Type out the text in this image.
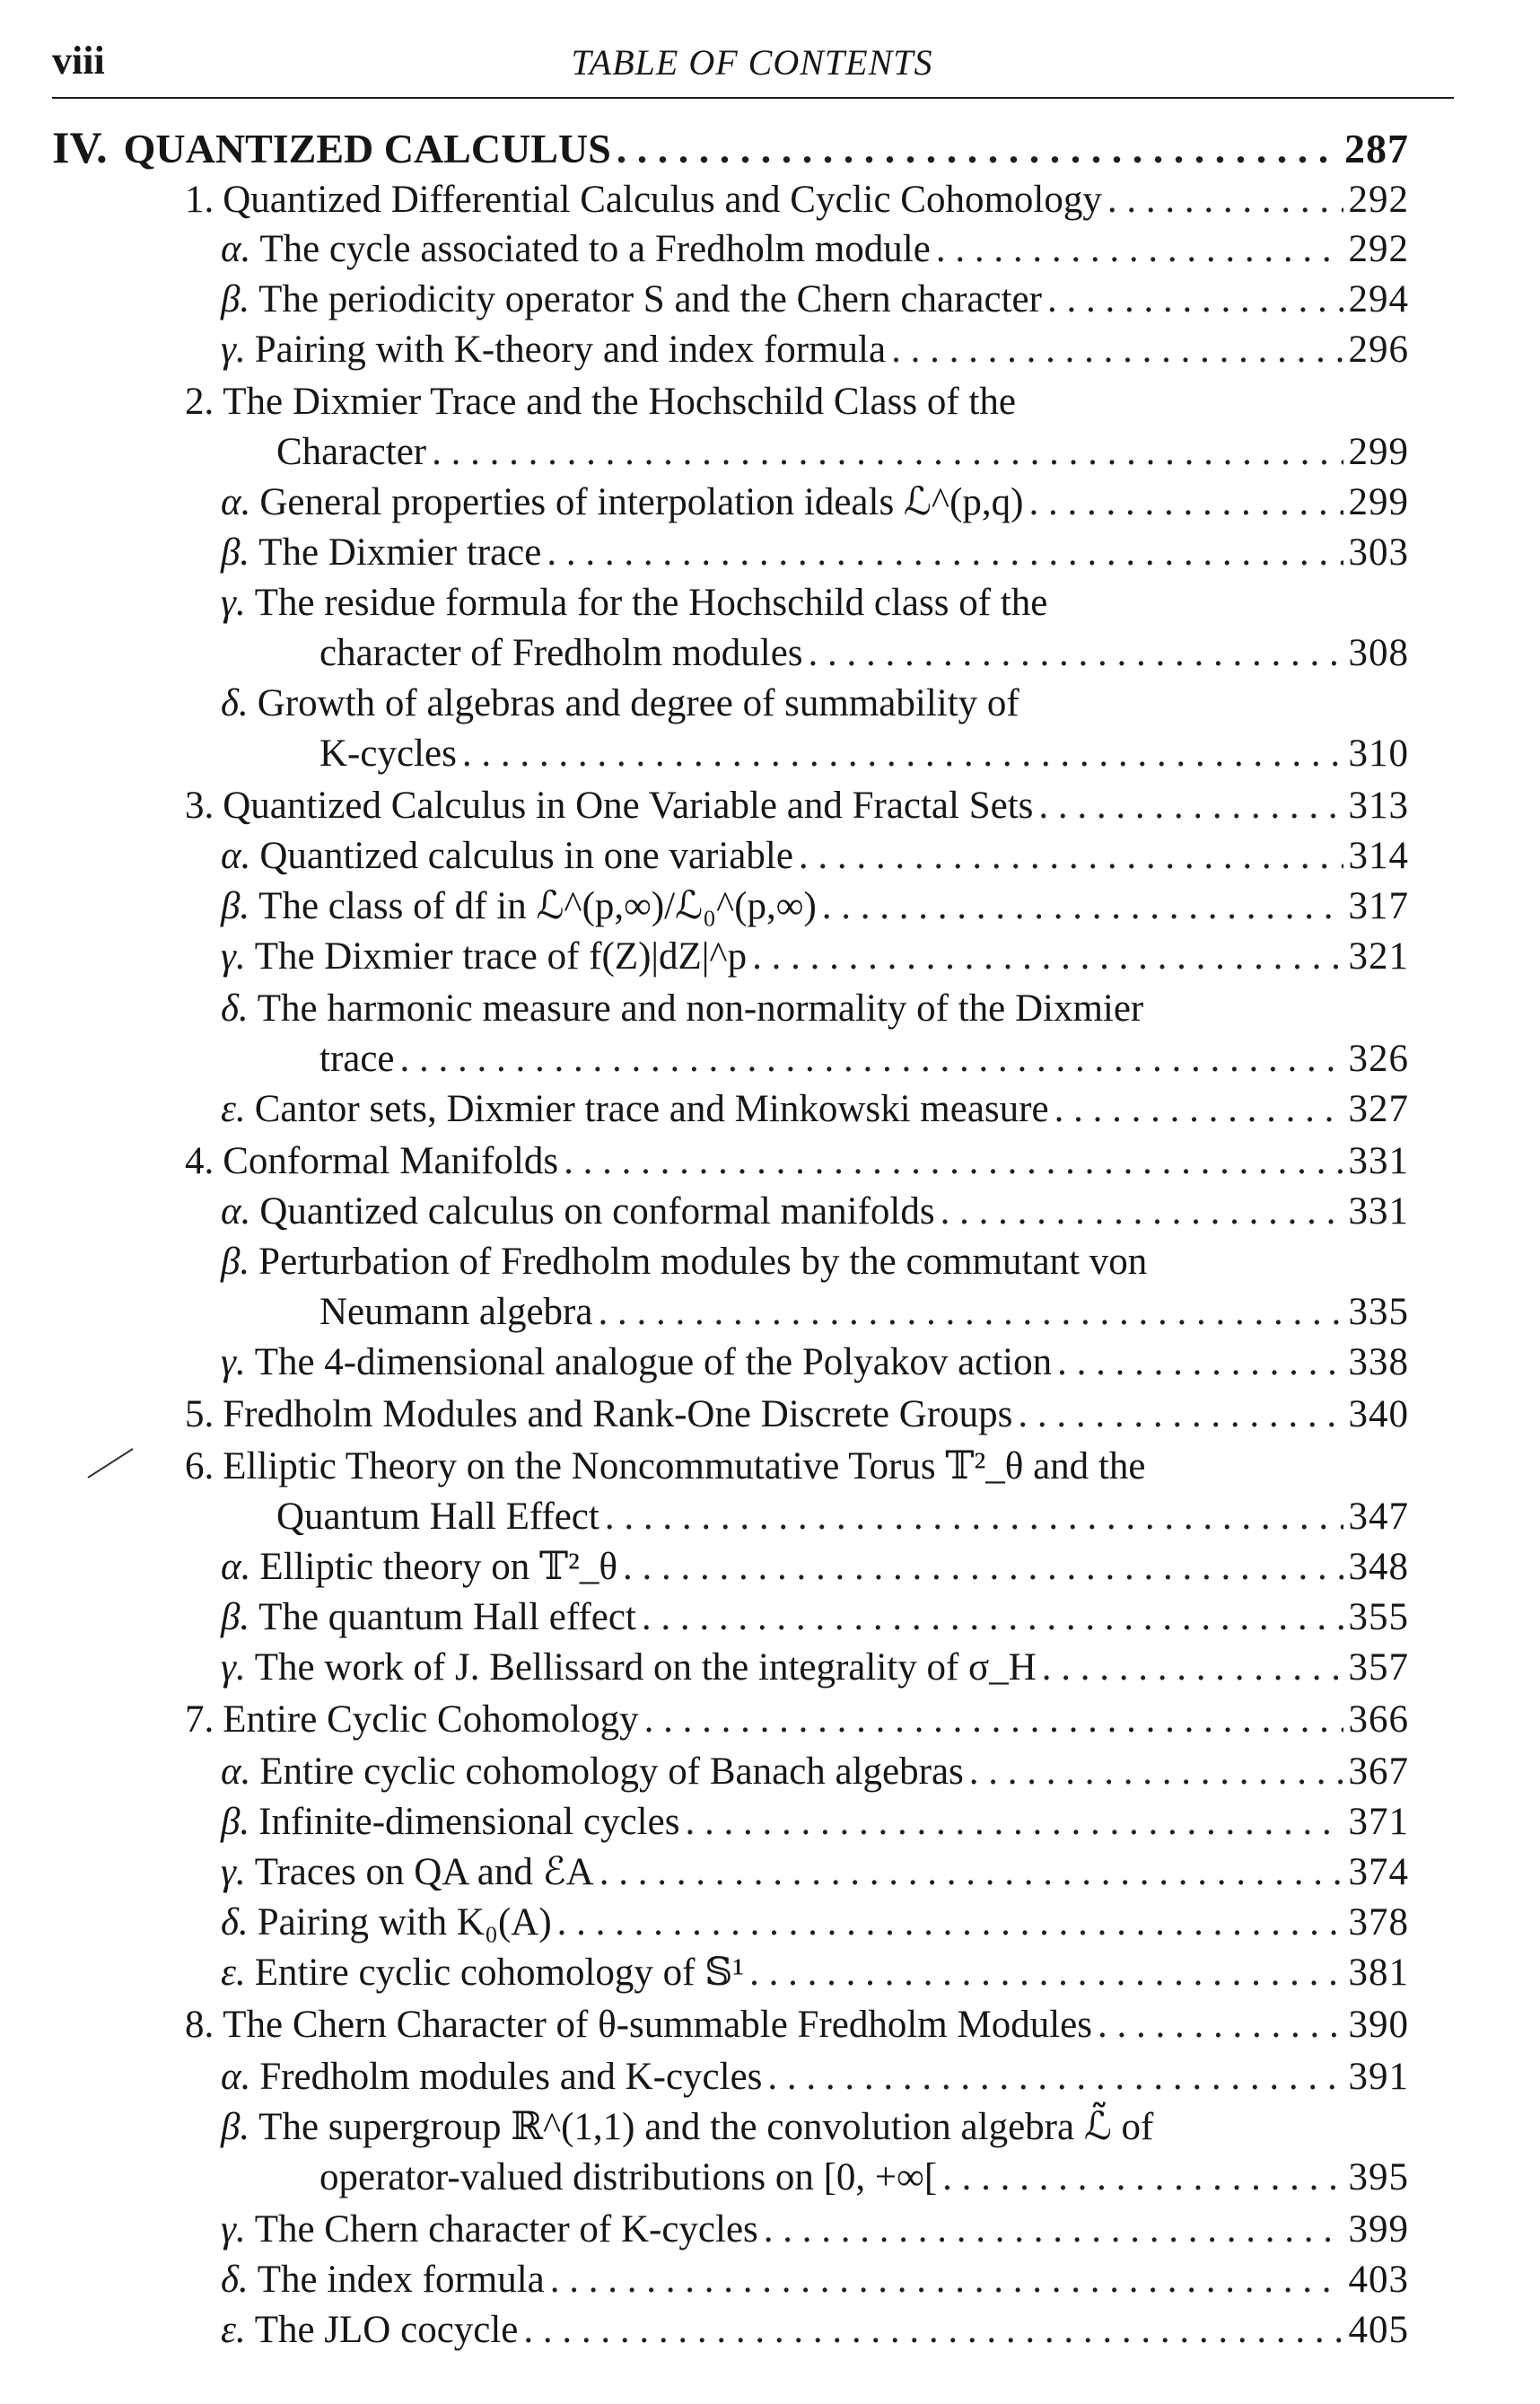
viii	TABLE OF CONTENTS
IV. QUANTIZED CALCULUS . . .	287
1. Quantized Differential Calculus and Cyclic Cohomology . . .	292
α. The cycle associated to a Fredholm module . . .	292
β. The periodicity operator S and the Chern character . . .	294
γ. Pairing with K-theory and index formula . . .	296
2. The Dixmier Trace and the Hochschild Class of the
Character . . .	299
α. General properties of interpolation ideals ℒ^(p,q) . . .	299
β. The Dixmier trace . . .	303
γ. The residue formula for the Hochschild class of the
character of Fredholm modules . . .	308
δ. Growth of algebras and degree of summability of
K-cycles . . .	310
3. Quantized Calculus in One Variable and Fractal Sets . . .	313
α. Quantized calculus in one variable . . .	314
β. The class of df in ℒ^(p,∞)/ℒ₀^(p,∞) . . .	317
γ. The Dixmier trace of f(Z)|dZ|^p . . .	321
δ. The harmonic measure and non-normality of the Dixmier
trace . . .	326
ε. Cantor sets, Dixmier trace and Minkowski measure . . .	327
4. Conformal Manifolds . . .	331
α. Quantized calculus on conformal manifolds . . .	331
β. Perturbation of Fredholm modules by the commutant von
Neumann algebra . . .	335
γ. The 4-dimensional analogue of the Polyakov action . . .	338
5. Fredholm Modules and Rank-One Discrete Groups . . .	340
6. Elliptic Theory on the Noncommutative Torus 𝕋²_θ and the
Quantum Hall Effect . . .	347
α. Elliptic theory on 𝕋²_θ . . .	348
β. The quantum Hall effect . . .	355
γ. The work of J. Bellissard on the integrality of σ_H . . .	357
7. Entire Cyclic Cohomology . . .	366
α. Entire cyclic cohomology of Banach algebras . . .	367
β. Infinite-dimensional cycles . . .	371
γ. Traces on QA and ℰA . . .	374
δ. Pairing with K₀(A) . . .	378
ε. Entire cyclic cohomology of 𝕊¹ . . .	381
8. The Chern Character of θ-summable Fredholm Modules . . .	390
α. Fredholm modules and K-cycles . . .	391
β. The supergroup ℝ^(1,1) and the convolution algebra ℒ̃ of
operator-valued distributions on [0, +∞[ . . .	395
γ. The Chern character of K-cycles . . .	399
δ. The index formula . . .	403
ε. The JLO cocycle . . .	405
